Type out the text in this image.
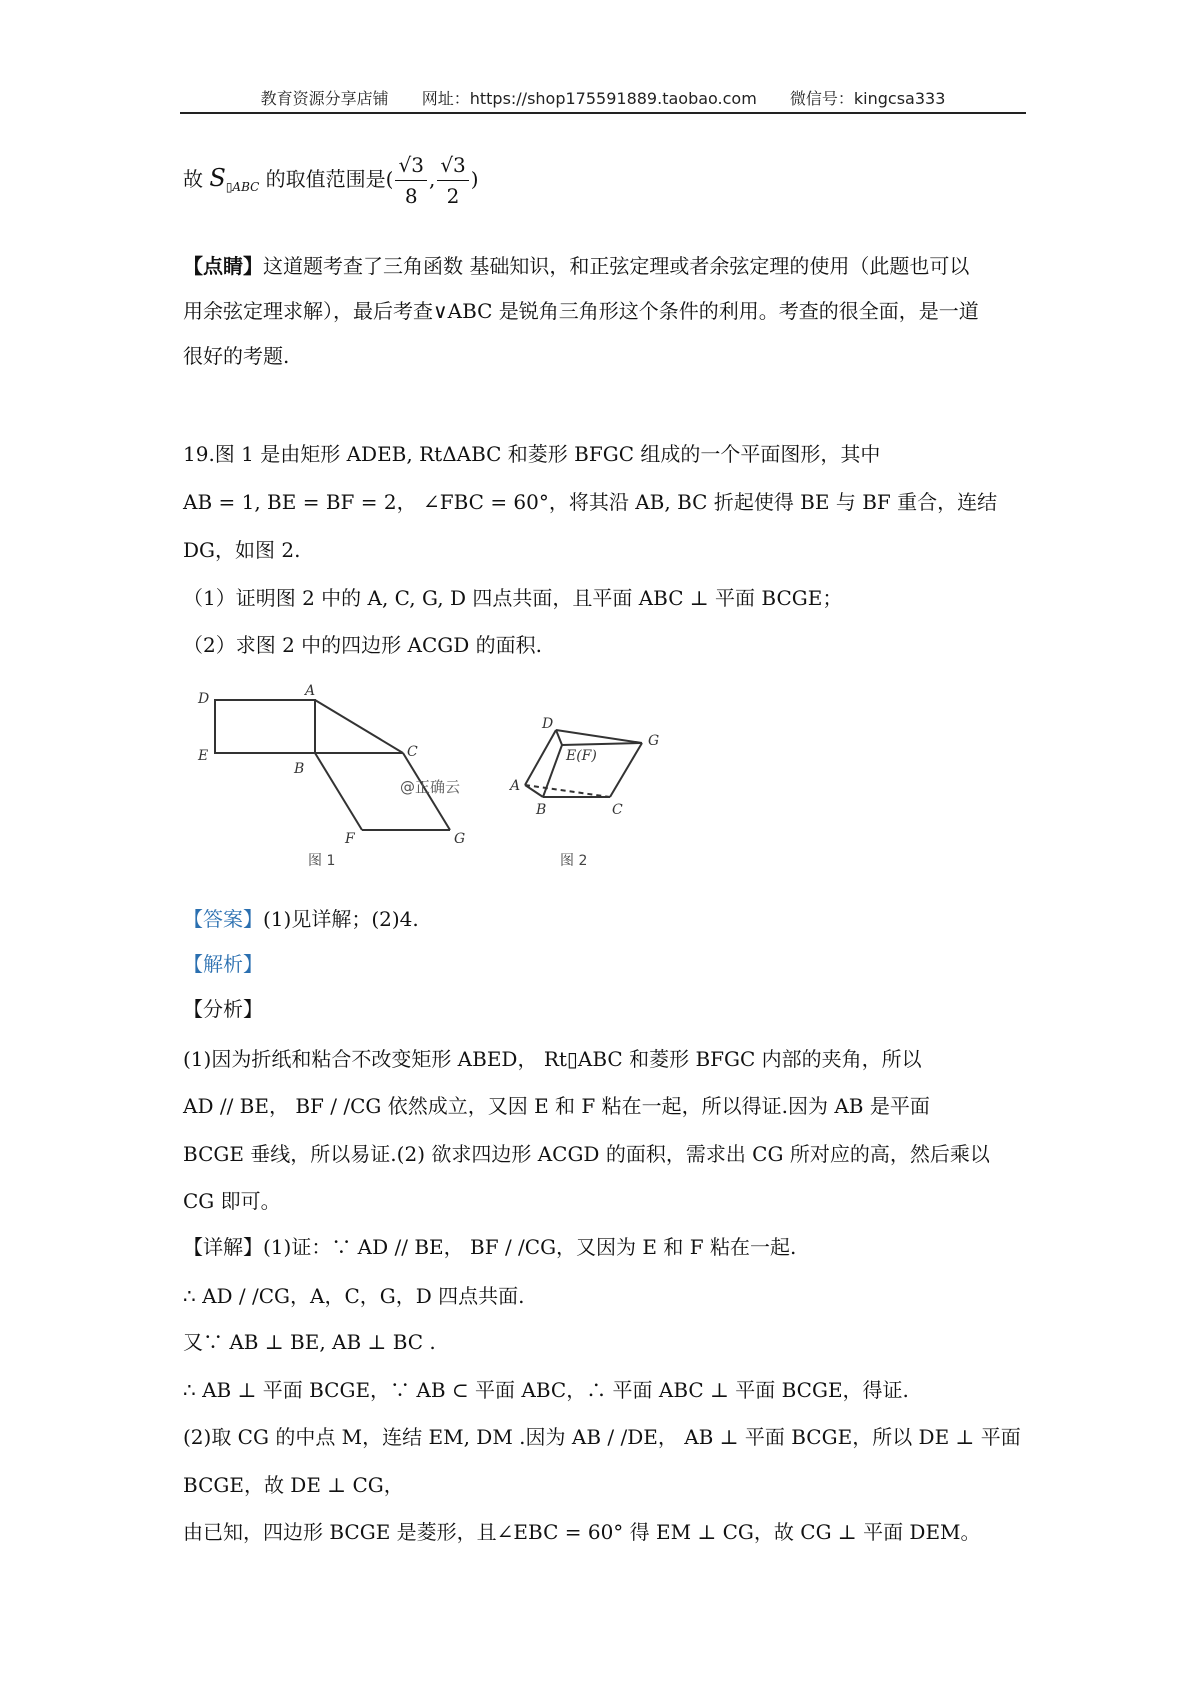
教育资源分享店铺 网址：https://shop175591889.taobao.com 微信号：kingcsa333
故 $S_{▯ABC}$ 的取值范围是( $\frac{√3}{8}$ , $\frac{√3}{2}$ )
【点睛】这道题考查了三角函数 基础知识，和正弦定理或者余弦定理的使用（此题也可以
用余弦定理求解），最后考查∨ABC 是锐角三角形这个条件的利用。考查的很全面，是一道
很好的考题.
19.图 1 是由矩形 ADEB, RtΔABC 和菱形 BFGC 组成的一个平面图形，其中
AB = 1, BE = BF = 2， ∠FBC = 60°，将其沿 AB, BC 折起使得 BE 与 BF 重合，连结
DG，如图 2.
（1）证明图 2 中的 A, C, G, D 四点共面，且平面 ABC ⊥ 平面 BCGE；
（2）求图 2 中的四边形 ACGD 的面积.
D	A
E
B
C
F	G
D
E(F)
G
A
B	C
@正确云
图 1	图 2
【答案】(1)见详解；(2)4.
【解析】
【分析】
(1)因为折纸和粘合不改变矩形 ABED， Rt▯ABC 和菱形 BFGC 内部的夹角，所以
AD // BE， BF / /CG 依然成立，又因 E 和 F 粘在一起，所以得证.因为 AB 是平面
BCGE 垂线，所以易证.(2) 欲求四边形 ACGD 的面积，需求出 CG 所对应的高，然后乘以
CG 即可。
【详解】(1)证：∵ AD // BE， BF / /CG，又因为 E 和 F 粘在一起.
∴ AD / /CG，A，C，G，D 四点共面.
又∵ AB ⊥ BE, AB ⊥ BC .
∴ AB ⊥ 平面 BCGE，∵ AB ⊂ 平面 ABC，∴ 平面 ABC ⊥ 平面 BCGE，得证.
(2)取 CG 的中点 M，连结 EM, DM .因为 AB / /DE， AB ⊥ 平面 BCGE，所以 DE ⊥ 平面
BCGE，故 DE ⊥ CG，
由已知，四边形 BCGE 是菱形，且∠EBC = 60° 得 EM ⊥ CG，故 CG ⊥ 平面 DEM。
